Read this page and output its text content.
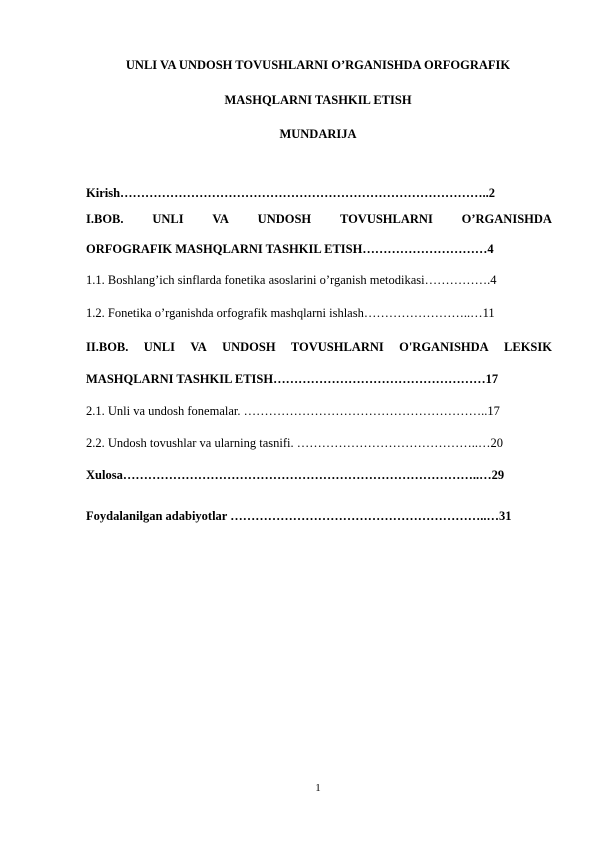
UNLI VA UNDOSH TOVUSHLARNI O’RGANISHDA ORFOGRAFIK
MASHQLARNI TASHKIL ETISH
MUNDARIJA
Kirish……………………………………………………………………………..2
I.BOB. UNLI VA UNDOSH TOVUSHLARNI O’RGANISHDA
ORFOGRAFIK MASHQLARNI TASHKIL ETISH…………………………4
1.1. Boshlang’ich sinflarda fonetika asoslarini o’rganish metodikasi…………….4
1.2. Fonetika o’rganishda orfografik mashqlarni ishlash……………………..…11
II.BOB. UNLI VA UNDOSH TOVUSHLARNI O'RGANISHDA LEKSIK
MASHQLARNI TASHKIL ETISH……………………………………………17
2.1. Unli va undosh fonemalar. …………………………………………………..17
2.2. Undosh tovushlar va ularning tasnifi. ……………………………………..…20
Xulosa…………………………………………………………………………..…29
Foydalanilgan adabiyotlar ……………………………………………………..…31
1
